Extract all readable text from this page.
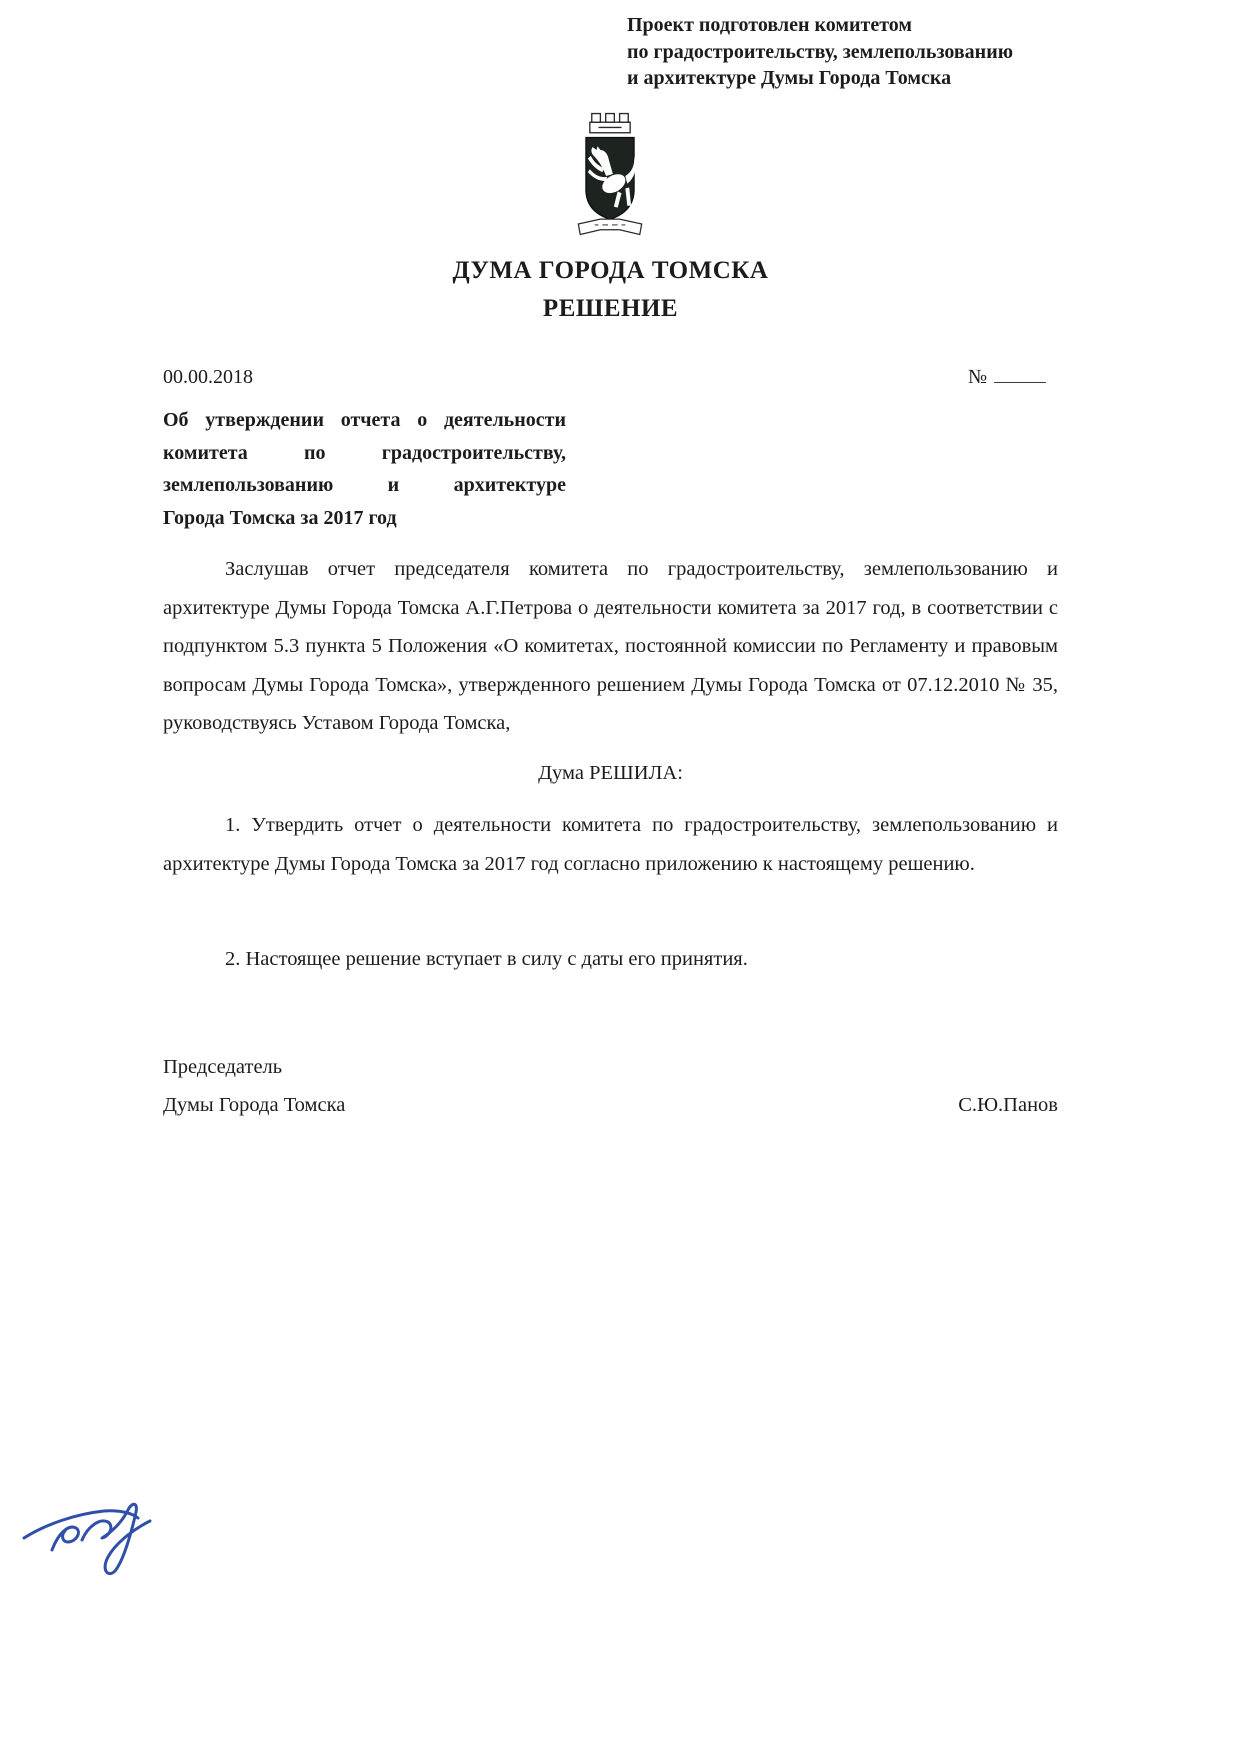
Проект подготовлен комитетом
по градостроительству, землепользованию
и архитектуре Думы Города Томска
ДУМА ГОРОДА ТОМСКА
РЕШЕНИЕ
00.00.2018	№
Об утверждении отчета о деятельности
комитета по градостроительству,
землепользованию и архитектуре
Города Томска за 2017 год

Заслушав отчет председателя комитета по градостроительству, землепользованию и архитектуре Думы Города Томска А.Г.Петрова о деятельности комитета за 2017 год, в соответствии с подпунктом 5.3 пункта 5 Положения «О комитетах, постоянной комиссии по Регламенту и правовым вопросам Думы Города Томска», утвержденного решением Думы Города Томска от 07.12.2010 № 35, руководствуясь Уставом Города Томска,

Дума РЕШИЛА:

1. Утвердить отчет о деятельности комитета по градостроительству, землепользованию и архитектуре Думы Города Томска за 2017 год согласно приложению к настоящему решению.

2. Настоящее решение вступает в силу с даты его принятия.

Председатель
Думы Города Томска	С.Ю.Панов
